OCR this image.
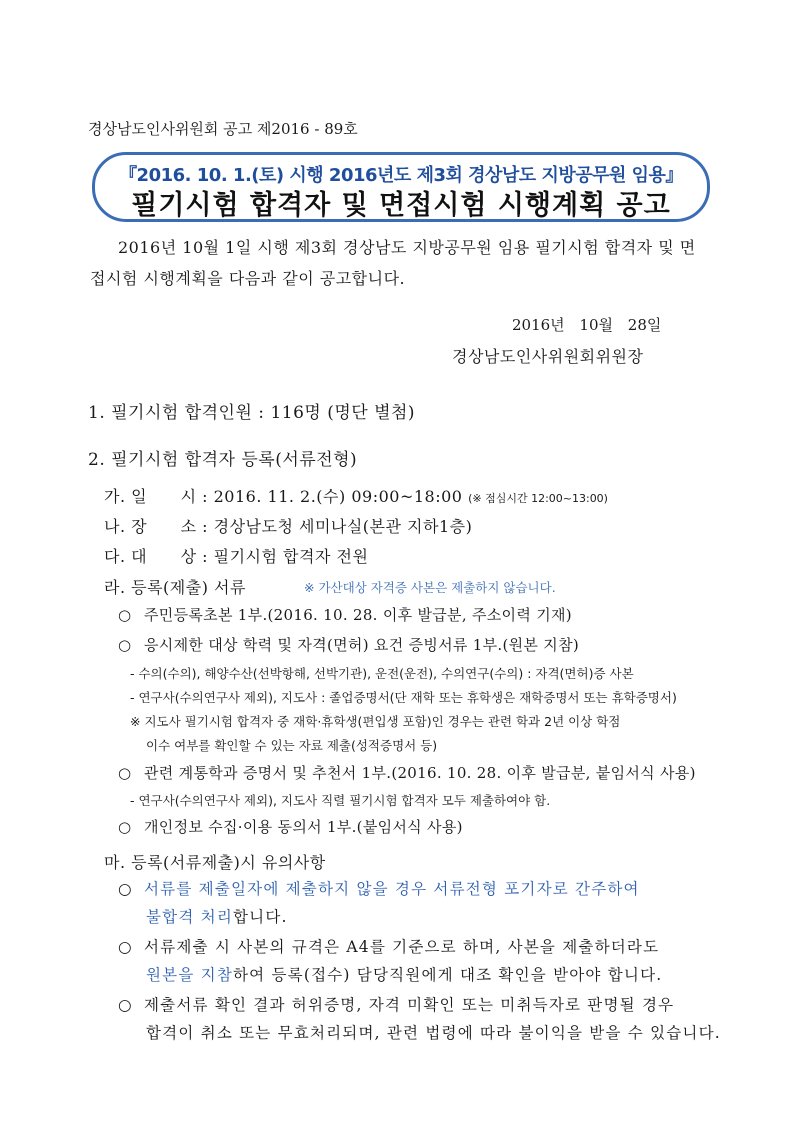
경상남도인사위원회 공고 제2016 - 89호
『2016. 10. 1.(토) 시행 2016년도 제3회 경상남도 지방공무원 임용』
필기시험 합격자 및 면접시험 시행계획 공고
2016년 10월 1일 시행 제3회 경상남도 지방공무원 임용 필기시험 합격자 및 면접시험 시행계획을 다음과 같이 공고합니다.
2016년 10월 28일
경상남도인사위원회위원장
1. 필기시험 합격인원 : 116명 (명단 별첨)
2. 필기시험 합격자 등록(서류전형)
가. 일      시 : 2016. 11. 2.(수) 09:00~18:00 (※ 점심시간 12:00~13:00)
나. 장      소 : 경상남도청 세미나실(본관 지하1층)
다. 대      상 : 필기시험 합격자 전원
라. 등록(제출) 서류	※ 가산대상 자격증 사본은 제출하지 않습니다.
○ 주민등록초본 1부.(2016. 10. 28. 이후 발급분, 주소이력 기재)
○ 응시제한 대상 학력 및 자격(면허) 요건 증빙서류 1부.(원본 지참)
- 수의(수의), 해양수산(선박항해, 선박기관), 운전(운전), 수의연구(수의) : 자격(면허)증 사본
- 연구사(수의연구사 제외), 지도사 : 졸업증명서(단 재학 또는 휴학생은 재학증명서 또는 휴학증명서)
※ 지도사 필기시험 합격자 중 재학·휴학생(편입생 포함)인 경우는 관련 학과 2년 이상 학점
이수 여부를 확인할 수 있는 자료 제출(성적증명서 등)
○ 관련 계통학과 증명서 및 추천서 1부.(2016. 10. 28. 이후 발급분, 붙임서식 사용)
- 연구사(수의연구사 제외), 지도사 직렬 필기시험 합격자 모두 제출하여야 함.
○ 개인정보 수집·이용 동의서 1부.(붙임서식 사용)
마. 등록(서류제출)시 유의사항
○ 서류를 제출일자에 제출하지 않을 경우 서류전형 포기자로 간주하여
불합격 처리합니다.
○ 서류제출 시 사본의 규격은 A4를 기준으로 하며, 사본을 제출하더라도
원본을 지참하여 등록(접수) 담당직원에게 대조 확인을 받아야 합니다.
○ 제출서류 확인 결과 허위증명, 자격 미확인 또는 미취득자로 판명될 경우
합격이 취소 또는 무효처리되며, 관련 법령에 따라 불이익을 받을 수 있습니다.
